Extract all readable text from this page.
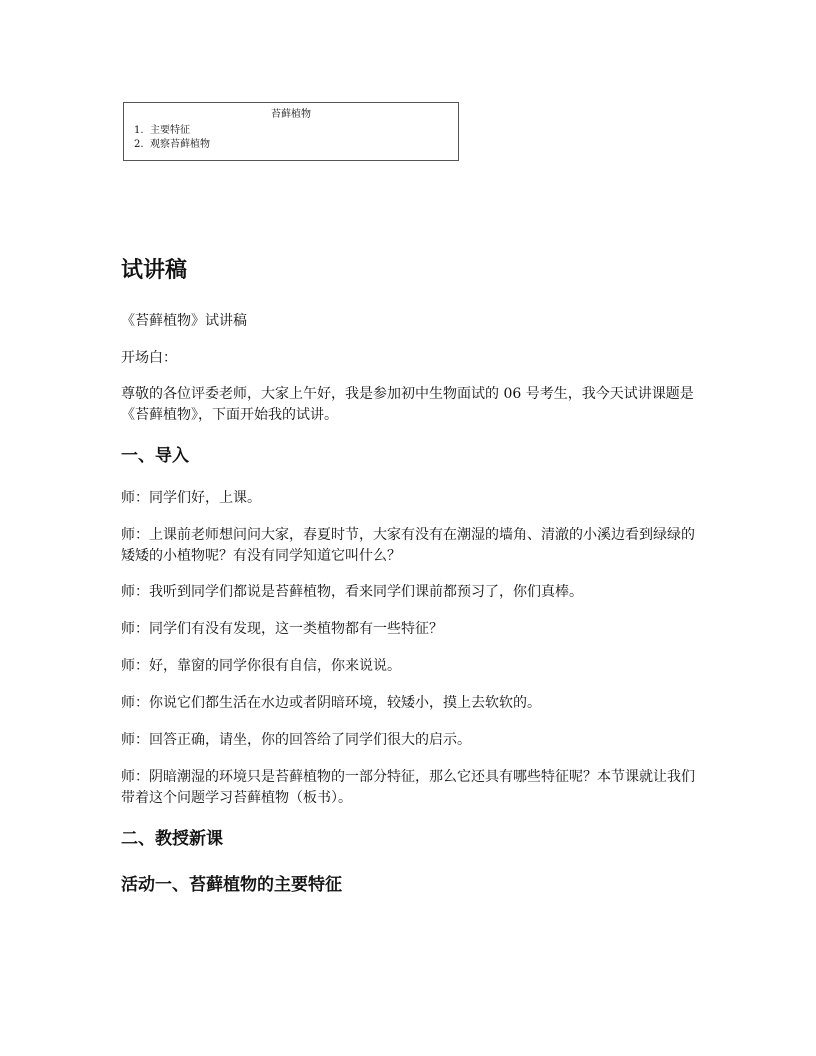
苔藓植物
1. 主要特征
2. 观察苔藓植物
试讲稿

《苔藓植物》试讲稿

开场白：

尊敬的各位评委老师，大家上午好，我是参加初中生物面试的 06 号考生，我今天试讲课题是《苔藓植物》，下面开始我的试讲。

一、导入

师：同学们好，上课。

师：上课前老师想问问大家，春夏时节，大家有没有在潮湿的墙角、清澈的小溪边看到绿绿的矮矮的小植物呢？有没有同学知道它叫什么？

师：我听到同学们都说是苔藓植物，看来同学们课前都预习了，你们真棒。

师：同学们有没有发现，这一类植物都有一些特征？

师：好，靠窗的同学你很有自信，你来说说。

师：你说它们都生活在水边或者阴暗环境，较矮小，摸上去软软的。

师：回答正确，请坐，你的回答给了同学们很大的启示。

师：阴暗潮湿的环境只是苔藓植物的一部分特征，那么它还具有哪些特征呢？本节课就让我们带着这个问题学习苔藓植物（板书）。

二、教授新课
活动一、苔藓植物的主要特征
